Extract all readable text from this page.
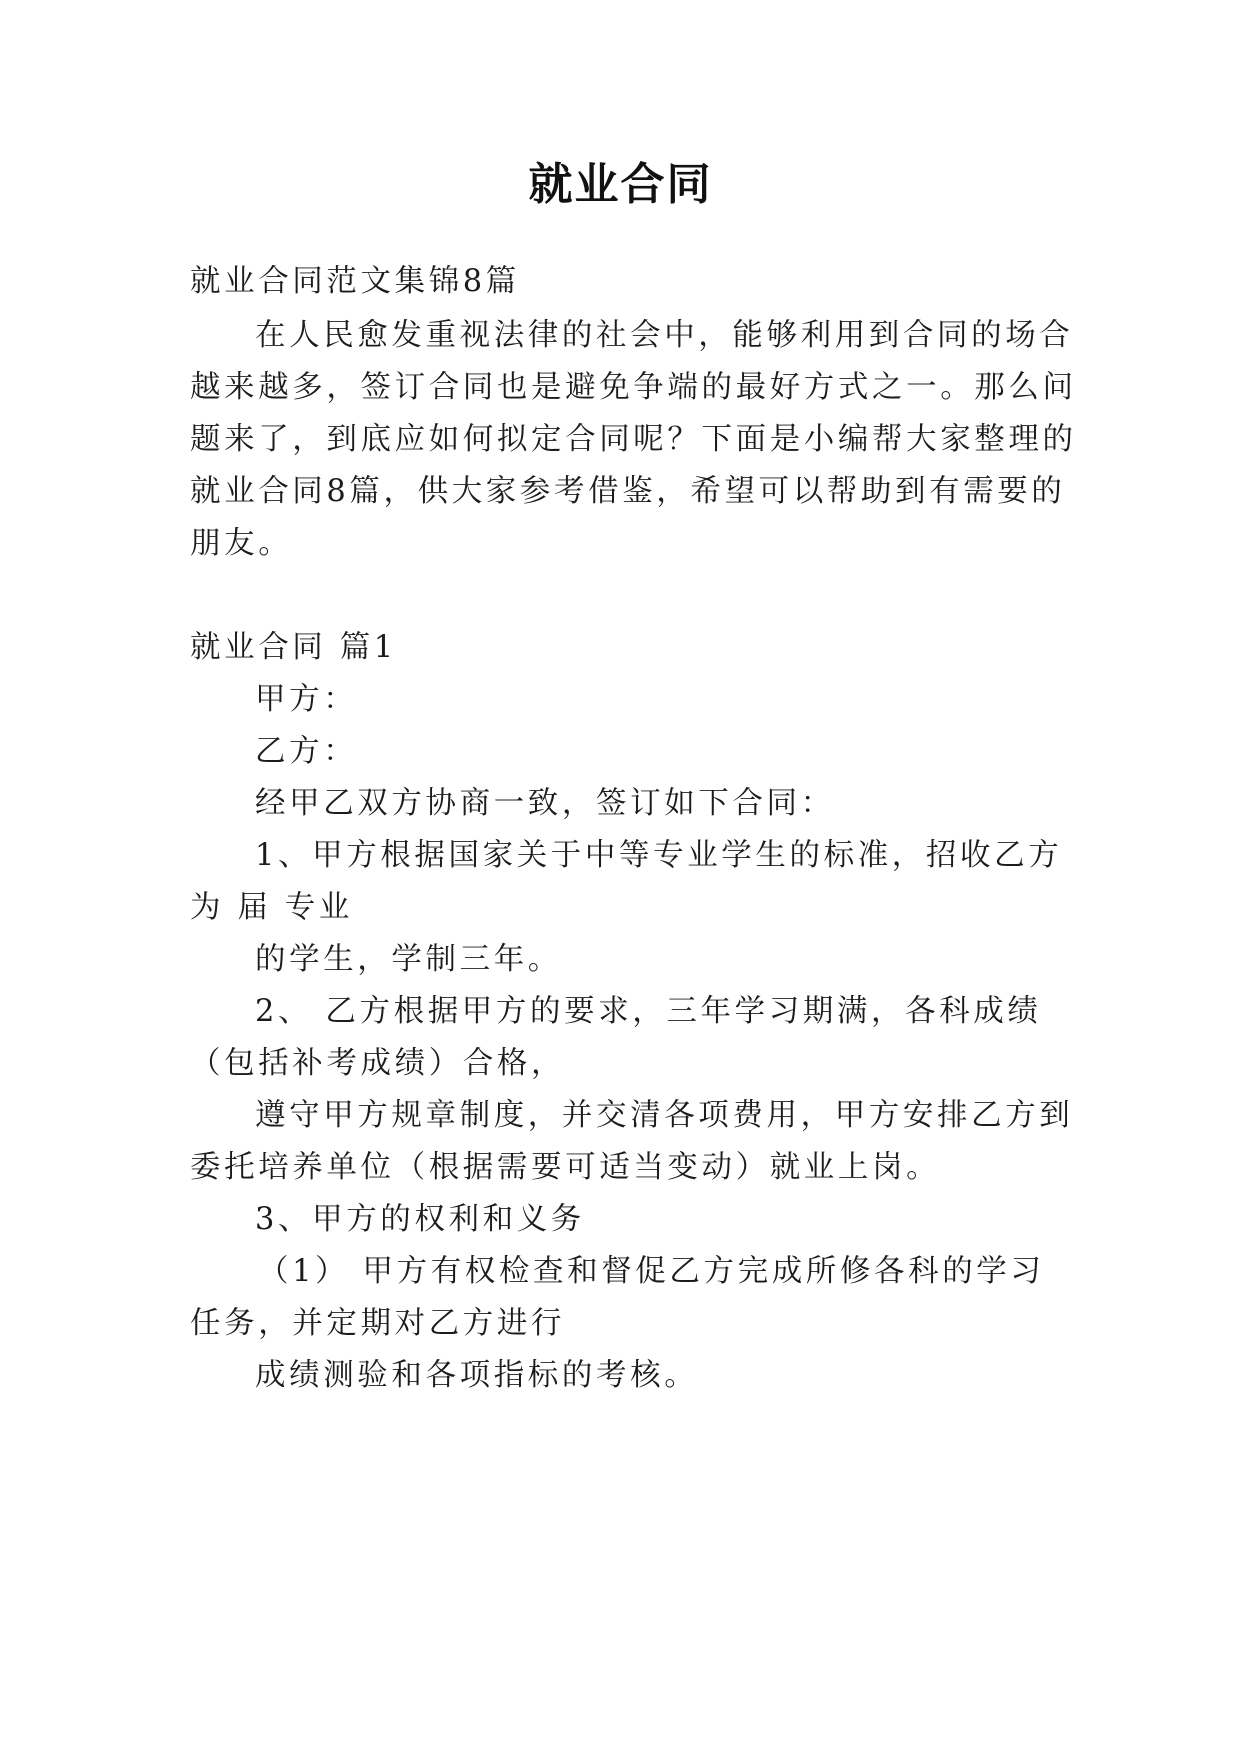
就业合同
就业合同范文集锦8篇
在人民愈发重视法律的社会中，能够利用到合同的场合
越来越多，签订合同也是避免争端的最好方式之一。那么问
题来了，到底应如何拟定合同呢？下面是小编帮大家整理的
就业合同8篇，供大家参考借鉴，希望可以帮助到有需要的
朋友。
就业合同 篇1
甲方：
乙方：
经甲乙双方协商一致，签订如下合同：
1、甲方根据国家关于中等专业学生的标准，招收乙方
为 届 专业
的学生，学制三年。
2、 乙方根据甲方的要求，三年学习期满，各科成绩
（包括补考成绩）合格，
遵守甲方规章制度，并交清各项费用，甲方安排乙方到
委托培养单位（根据需要可适当变动）就业上岗。
3、甲方的权利和义务
（1） 甲方有权检查和督促乙方完成所修各科的学习
任务，并定期对乙方进行
成绩测验和各项指标的考核。
